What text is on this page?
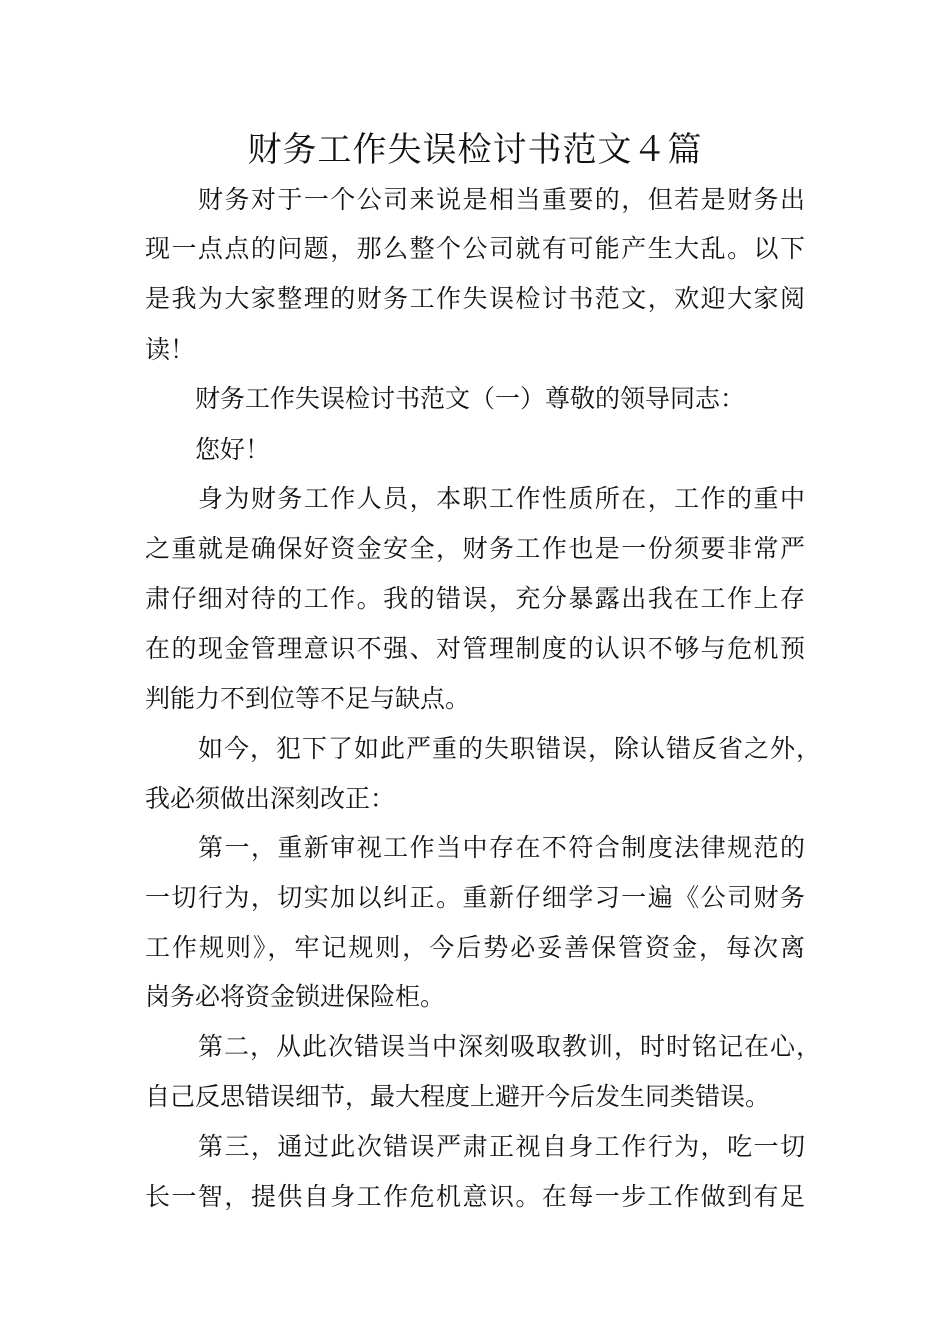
财务工作失误检讨书范文４篇
财务对于一个公司来说是相当重要的，但若是财务出
现一点点的问题，那么整个公司就有可能产生大乱。以下
是我为大家整理的财务工作失误检讨书范文，欢迎大家阅
读！
财务工作失误检讨书范文（一）尊敬的领导同志：
您好！
身为财务工作人员，本职工作性质所在，工作的重中
之重就是确保好资金安全，财务工作也是一份须要非常严
肃仔细对待的工作。我的错误，充分暴露出我在工作上存
在的现金管理意识不强、对管理制度的认识不够与危机预
判能力不到位等不足与缺点。
如今，犯下了如此严重的失职错误，除认错反省之外，
我必须做出深刻改正：
第一，重新审视工作当中存在不符合制度法律规范的
一切行为，切实加以纠正。重新仔细学习一遍《公司财务
工作规则》，牢记规则，今后势必妥善保管资金，每次离
岗务必将资金锁进保险柜。
第二，从此次错误当中深刻吸取教训，时时铭记在心，
自己反思错误细节，最大程度上避开今后发生同类错误。
第三，通过此次错误严肃正视自身工作行为，吃一切
长一智，提供自身工作危机意识。在每一步工作做到有足
